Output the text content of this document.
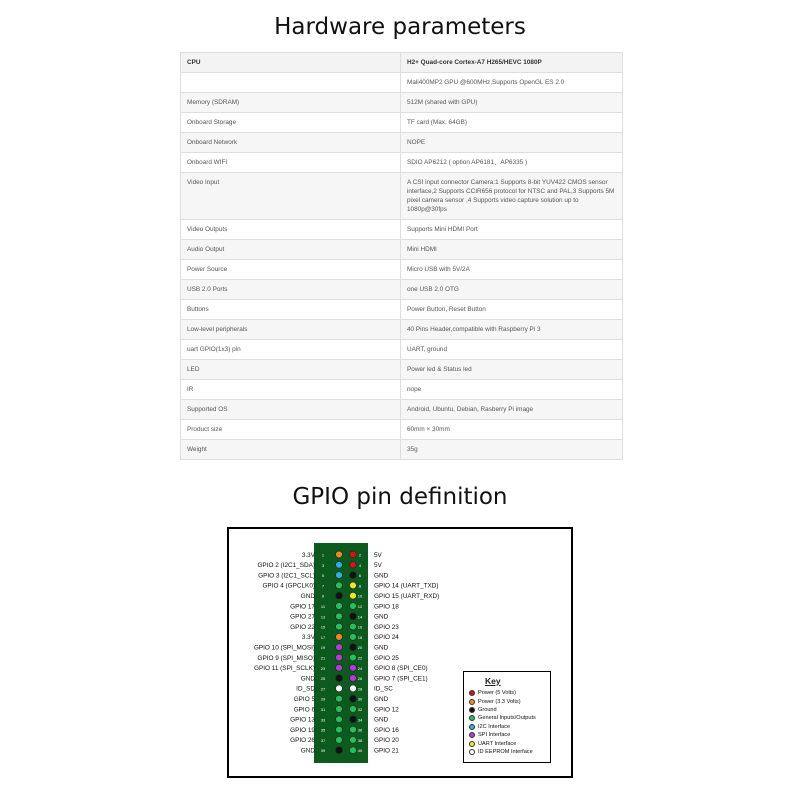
Hardware parameters
CPU	H2+ Quad-core Cortex-A7 H265/HEVC 1080P
	Mali400MP2 GPU @600MHz,Supports OpenGL ES 2.0
Memory (SDRAM)	512M (shared with GPU)
Onboard Storage	TF card (Max. 64GB)
Onboard Network	NOPE
Onboard WIFI	SDIO AP6212 ( option AP6181、AP6335 )
Video Input	A CSI input connector Camera:1 Supports 8-bit YUV422 CMOS sensor interface,2 Supports CCIR656 protocol for NTSC and PAL,3 Supports 5M pixel camera sensor ,4 Supports video capture solution up to 1080p@30fps
Video Outputs	Supports Mini HDMI Port
Audio Output	Mini HDMI
Power Source	Micro USB with 5V/2A
USB 2.0 Ports	one USB 2.0 OTG
Buttons	Power Button, Reset Button
Low-level peripherals	40 Pins Header,compatible with Raspberry Pi 3
uart GPIO(1x3) pin	UART, ground
LED	Power led & Status led
IR	nope
Supported OS	Android, Ubuntu, Debian, Rasberry Pi image
Product size	60mm × 30mm
Weight	35g
GPIO pin definition
1	2
3.3V	5V
3	4
GPIO 2 (I2C1_SDA)	5V
5	6
GPIO 3 (I2C1_SCL)	GND
7	8
GPIO 4 (GPCLK0)	GPIO 14 (UART_TXD)
9	10
GND	GPIO 15 (UART_RXD)
11	12
GPIO 17	GPIO 18
13	14
GPIO 27	GND
15	16
GPIO 22	GPIO 23
17	18
3.3V	GPIO 24
19	20
GPIO 10 (SPI_MOSI)	GND
21	22
GPIO 9 (SPI_MISO)	GPIO 25
23	24
GPIO 11 (SPI_SCLK)	GPIO 8 (SPI_CE0)
25	26
GND	GPIO 7 (SPI_CE1)
27	28
ID_SD	ID_SC
29	30
GPIO 5	GND
31	32
GPIO 6	GPIO 12
33	34
GPIO 13	GND
35	36
GPIO 19	GPIO 16
37	38
GPIO 26	GPIO 20
39	40
GND	GPIO 21
Key
Power (5 Volts)
Power (3.3 Volts)
Ground
General Inputs/Outputs
I2C Interface
SPI Interface
UART Interface
ID EEPROM Interface
